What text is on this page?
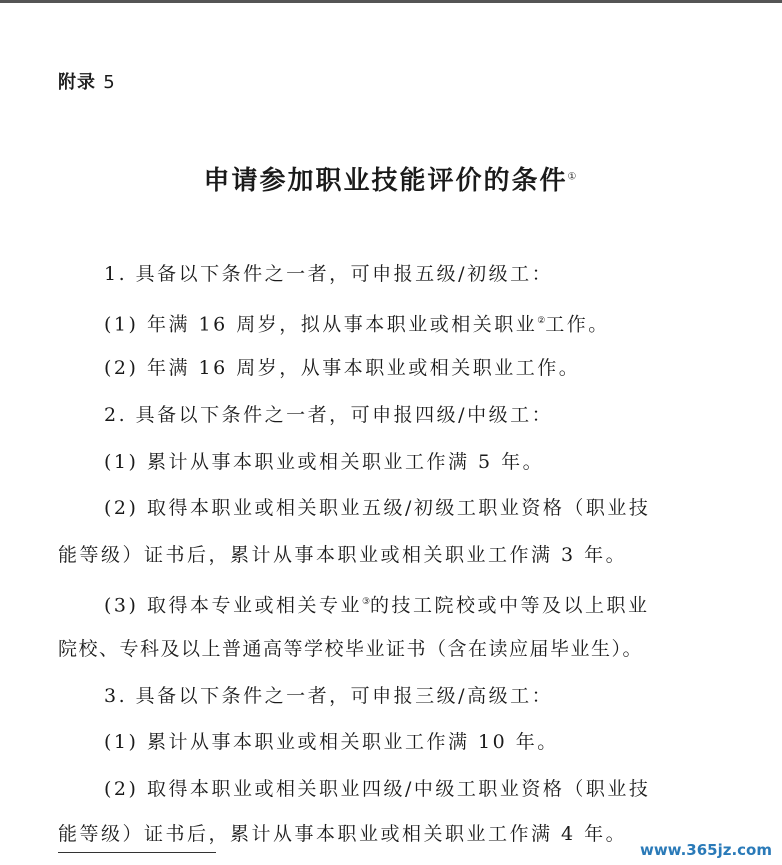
附录 5
申请参加职业技能评价的条件①
1. 具备以下条件之一者，可申报五级/初级工：
(1) 年满 16 周岁，拟从事本职业或相关职业②工作。
(2) 年满 16 周岁，从事本职业或相关职业工作。
2. 具备以下条件之一者，可申报四级/中级工：
(1) 累计从事本职业或相关职业工作满 5 年。
(2) 取得本职业或相关职业五级/初级工职业资格（职业技
能等级）证书后，累计从事本职业或相关职业工作满 3 年。
(3) 取得本专业或相关专业③的技工院校或中等及以上职业
院校、专科及以上普通高等学校毕业证书（含在读应届毕业生）。
3. 具备以下条件之一者，可申报三级/高级工：
(1) 累计从事本职业或相关职业工作满 10 年。
(2) 取得本职业或相关职业四级/中级工职业资格（职业技
能等级）证书后，累计从事本职业或相关职业工作满 4 年。
www.365jz.com
